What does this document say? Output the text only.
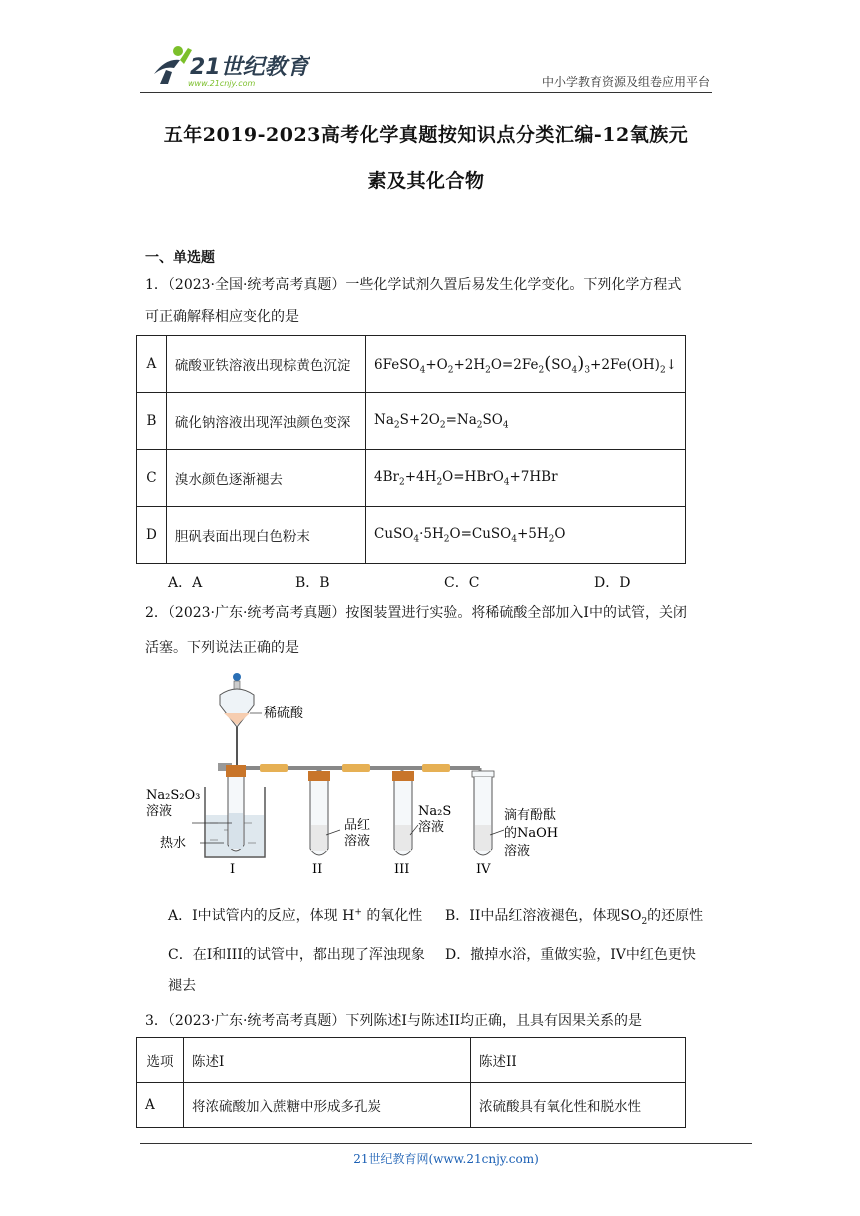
21世纪教育
www.21cnjy.com	中小学教育资源及组卷应用平台
五年2019-2023高考化学真题按知识点分类汇编-12氧族元
素及其化合物
一、单选题
1．（2023·全国·统考高考真题）一些化学试剂久置后易发生化学变化。下列化学方程式
可正确解释相应变化的是
A	硫酸亚铁溶液出现棕黄色沉淀	$6FeSO_4+O_2+2H_2O=2Fe_2(SO_4)_3+2Fe(OH)_2↓$
B	硫化钠溶液出现浑浊颜色变深	$Na_2S+2O_2=Na_2SO_4$
C	溴水颜色逐渐褪去	$4Br_2+4H_2O=HBrO_4+7HBr$
D	胆矾表面出现白色粉末	$CuSO_4\cdot 5H_2O=CuSO_4+5H_2O$
A．A	B．B	C．C	D．D
2．（2023·广东·统考高考真题）按图装置进行实验。将稀硫酸全部加入Ⅰ中的试管，关闭
活塞。下列说法正确的是
稀硫酸
Na₂S₂O₃
溶液
热水
品红
溶液
Na₂S
溶液
滴有酚酞
的NaOH
溶液
I	II	III	IV
A．I中试管内的反应，体现 H+ 的氧化性 B．II中品红溶液褪色，体现$SO_2$的还原性
C．在I和III的试管中，都出现了浑浊现象 D．撤掉水浴，重做实验，IV中红色更快
褪去
3．（2023·广东·统考高考真题）下列陈述I与陈述II均正确，且具有因果关系的是
选项	陈述I	陈述II
A	将浓硫酸加入蔗糖中形成多孔炭	浓硫酸具有氧化性和脱水性
21世纪教育网(www.21cnjy.com)
